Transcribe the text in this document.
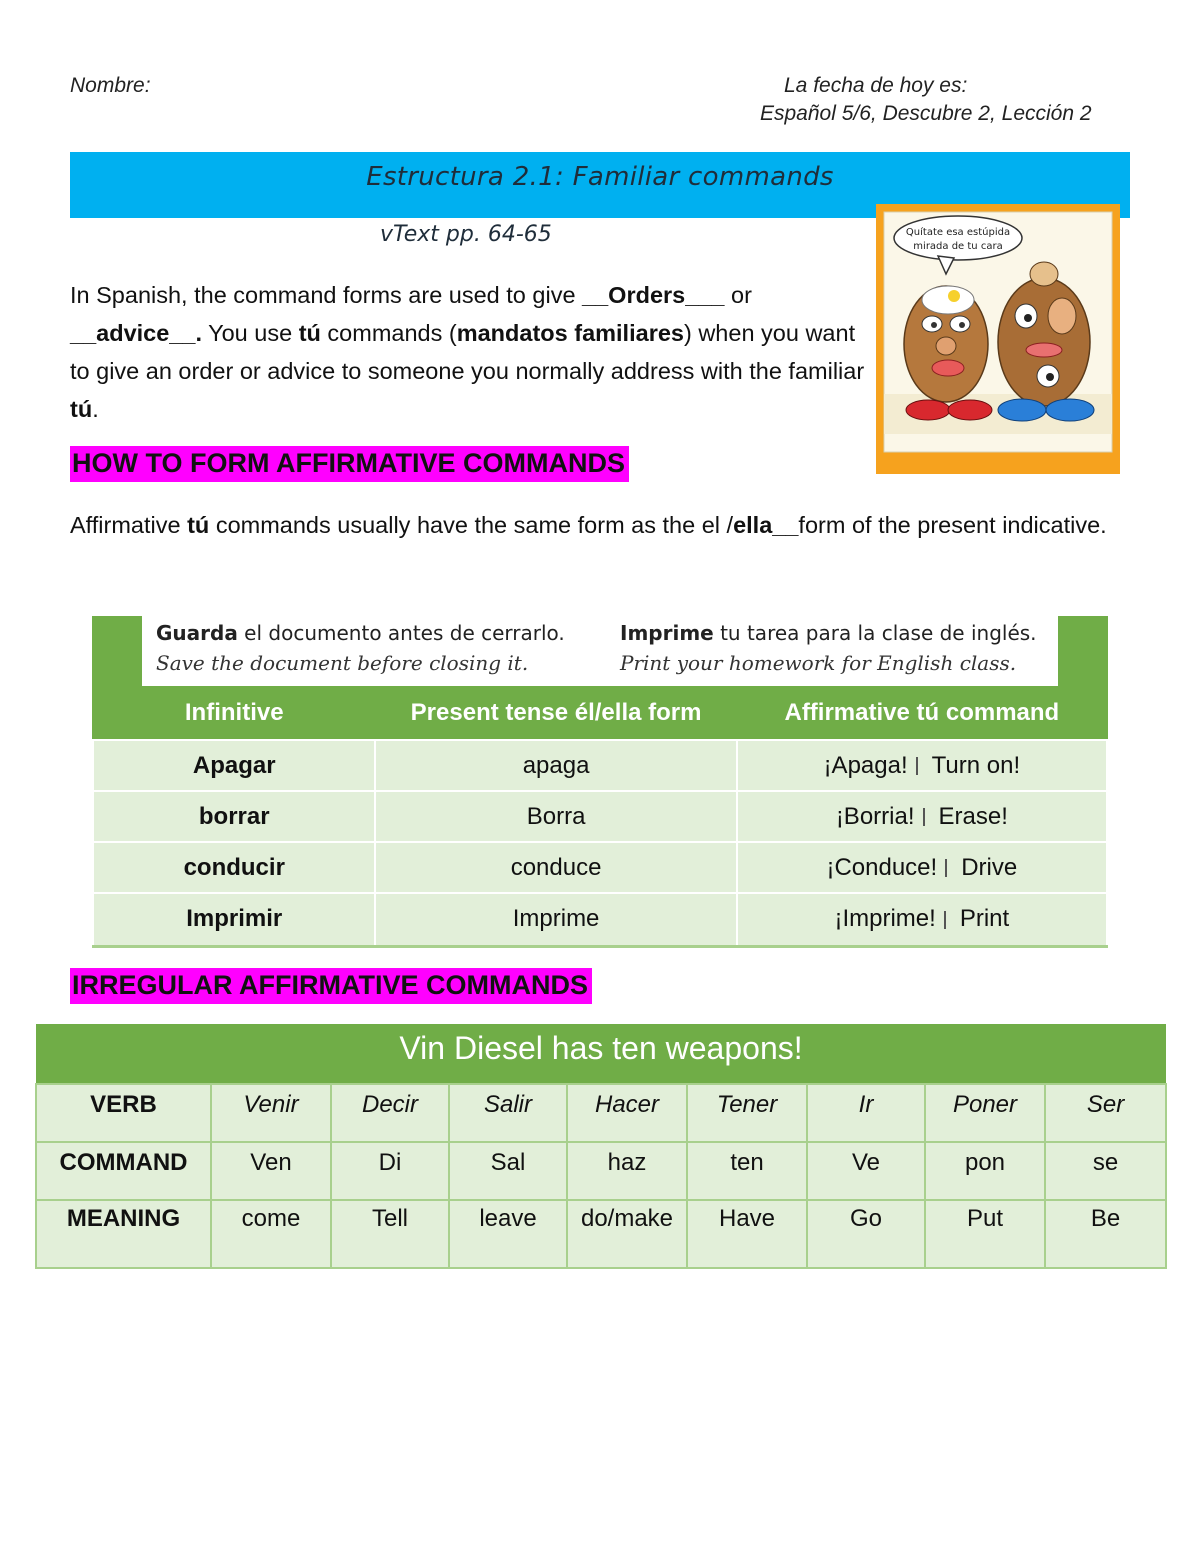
Nombre:	La fecha de hoy es:
Español 5/6, Descubre 2, Lección 2
Estructura 2.1: Familiar commands
vText pp. 64-65	Quítate esa estúpida
mirada de tu cara
In Spanish, the command forms are used to give __Orders___ or __advice__. You use tú commands (mandatos familiares) when you want to give an order or advice to someone you normally address with the familiar tú.
HOW TO FORM AFFIRMATIVE COMMANDS
Affirmative tú commands usually have the same form as the el /ella__form of the present indicative.
Guarda el documento antes de cerrarlo.
Save the document before closing it.
Imprime tu tarea para la clase de inglés.
Print your homework for English class.
Infinitive	Present tense él/ella form	Affirmative tú command
Apagar	apaga	¡Apaga! Turn on!
borrar	Borra	¡Borria! Erase!
conducir	conduce	¡Conduce! Drive
Imprimir	Imprime	¡Imprime! Print
IRREGULAR AFFIRMATIVE COMMANDS
Vin Diesel has ten weapons!								
VERB	Venir	Decir	Salir	Hacer	Tener	Ir	Poner	Ser
COMMAND	Ven	Di	Sal	haz	ten	Ve	pon	se
MEANING	come	Tell	leave	do/make	Have	Go	Put	Be
